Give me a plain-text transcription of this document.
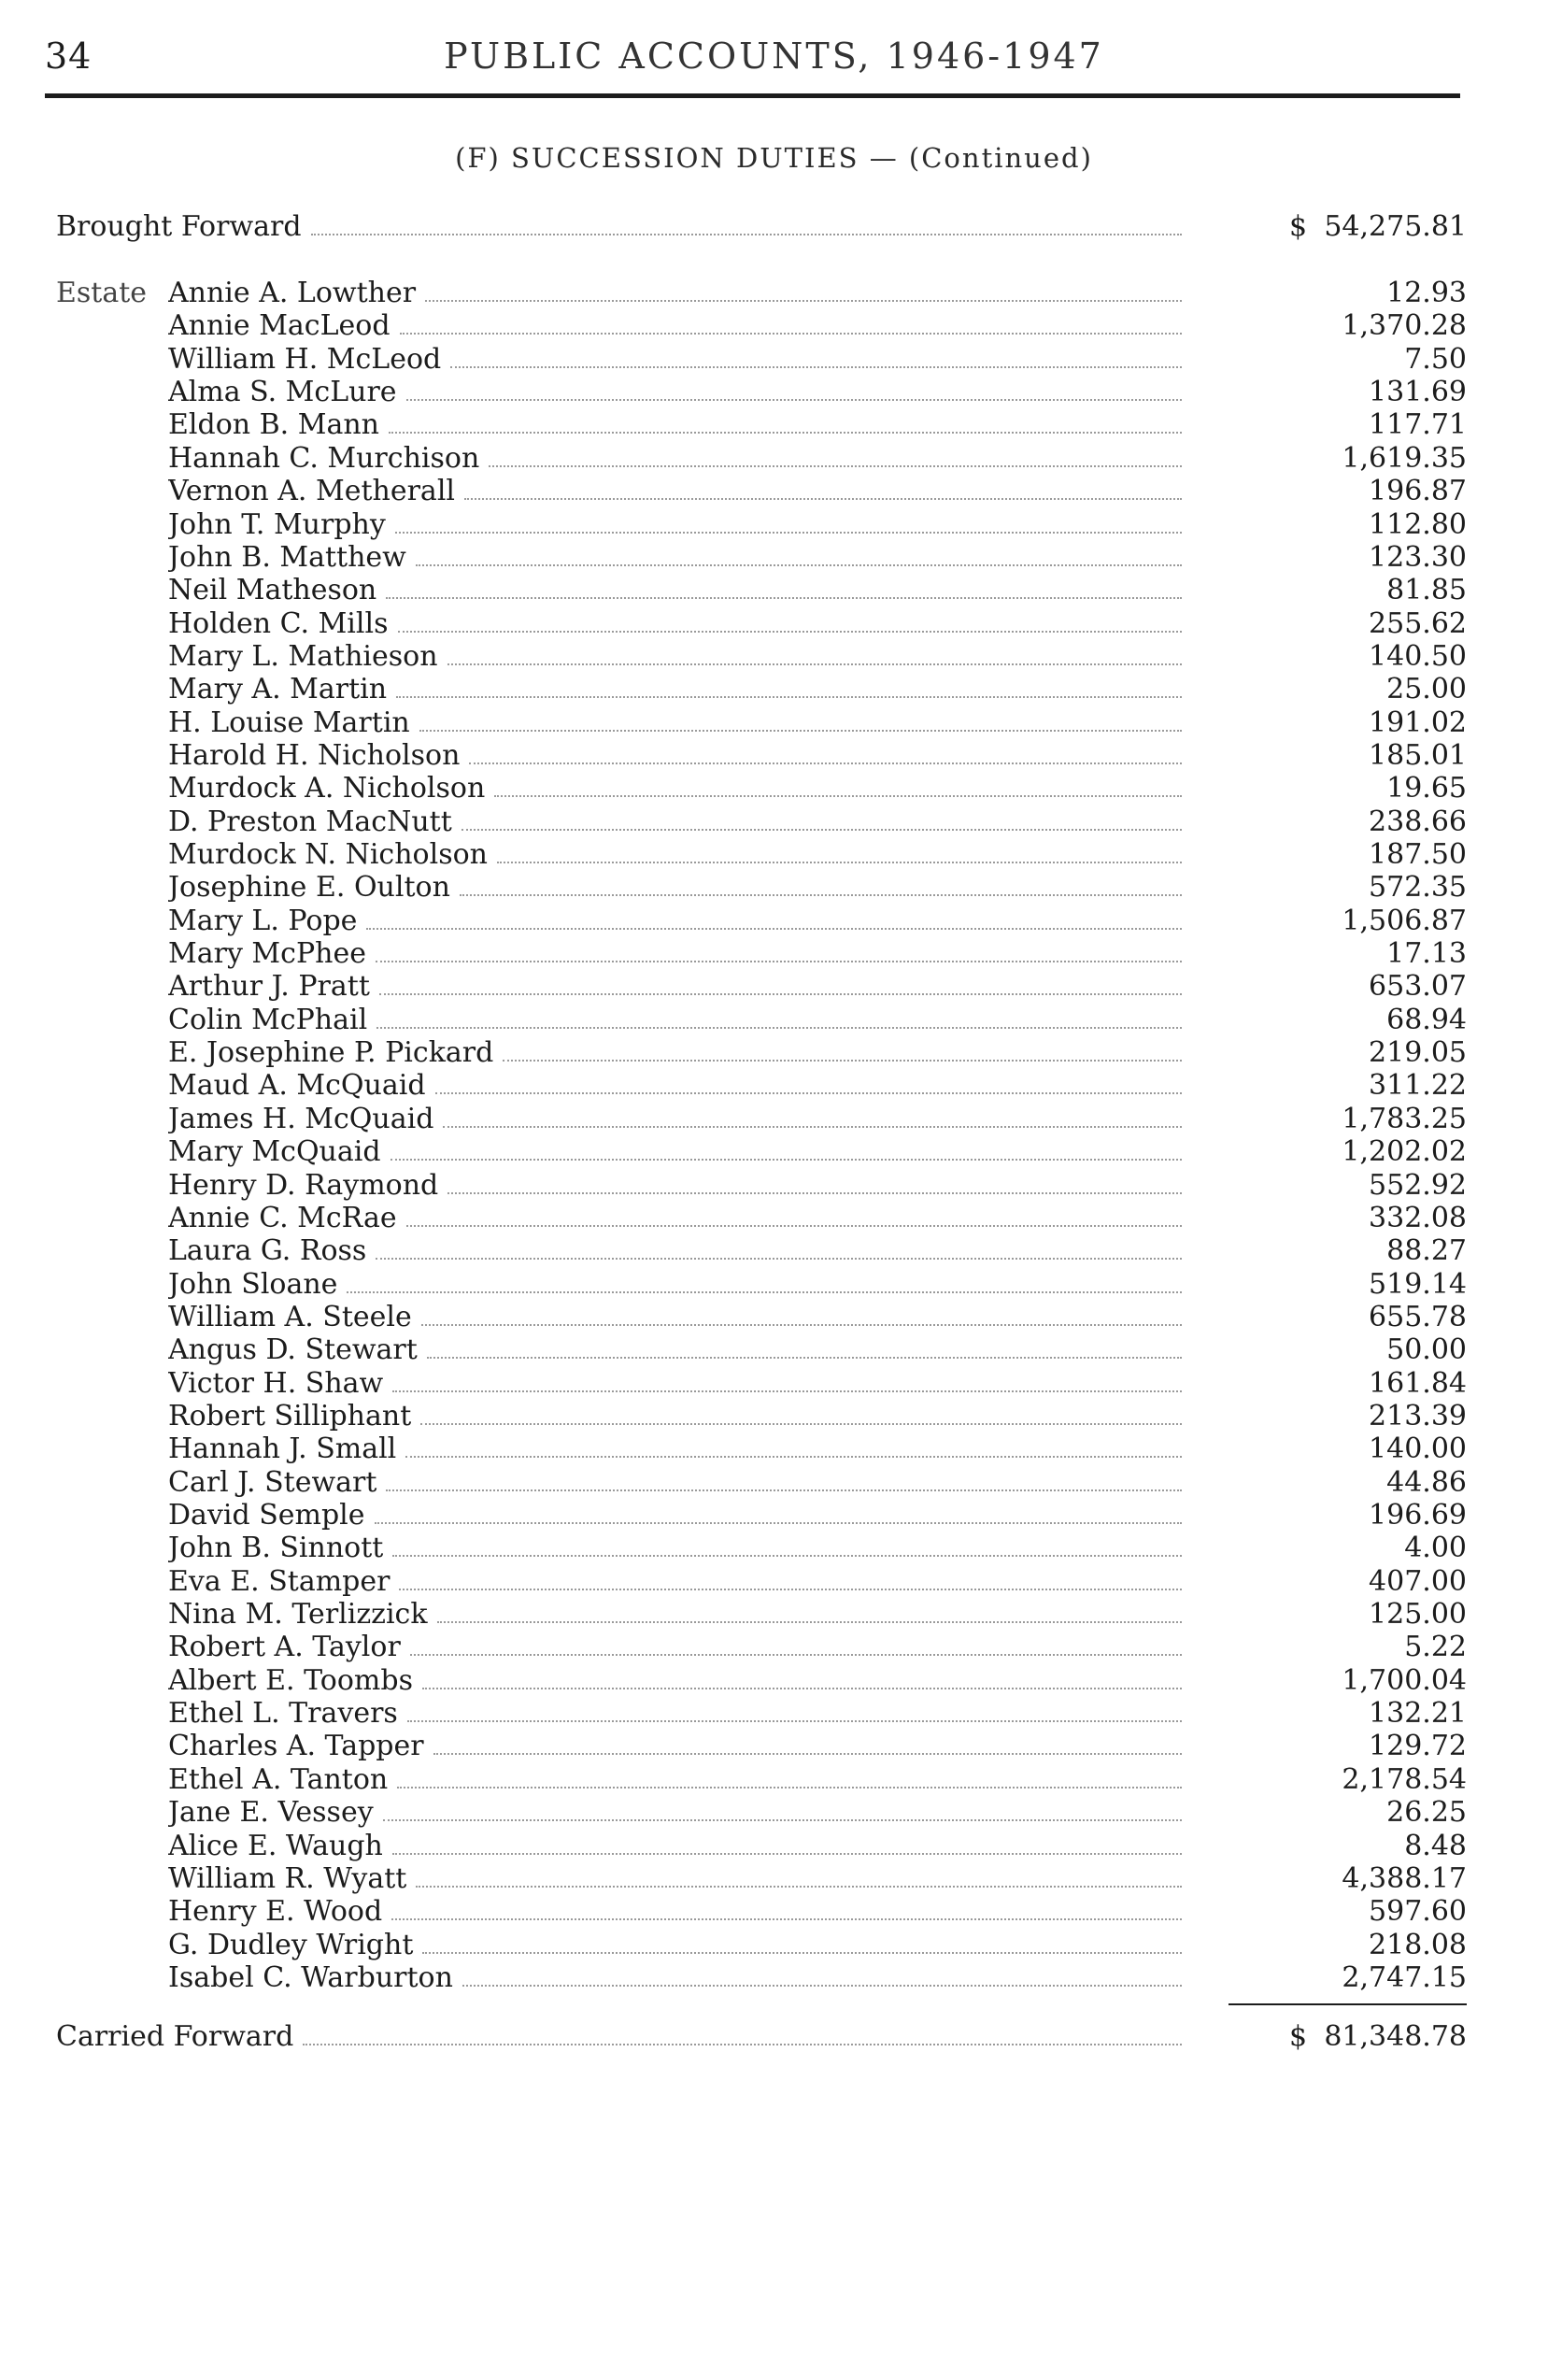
34	PUBLIC ACCOUNTS, 1946-1947
(F) SUCCESSION DUTIES — (Continued)
Brought Forward	$ 54,275.81
Estate Annie A. Lowther	12.93
Annie MacLeod	1,370.28
William H. McLeod	7.50
Alma S. McLure	131.69
Eldon B. Mann	117.71
Hannah C. Murchison	1,619.35
Vernon A. Metherall	196.87
John T. Murphy	112.80
John B. Matthew	123.30
Neil Matheson	81.85
Holden C. Mills	255.62
Mary L. Mathieson	140.50
Mary A. Martin	25.00
H. Louise Martin	191.02
Harold H. Nicholson	185.01
Murdock A. Nicholson	19.65
D. Preston MacNutt	238.66
Murdock N. Nicholson	187.50
Josephine E. Oulton	572.35
Mary L. Pope	1,506.87
Mary McPhee	17.13
Arthur J. Pratt	653.07
Colin McPhail	68.94
E. Josephine P. Pickard	219.05
Maud A. McQuaid	311.22
James H. McQuaid	1,783.25
Mary McQuaid	1,202.02
Henry D. Raymond	552.92
Annie C. McRae	332.08
Laura G. Ross	88.27
John Sloane	519.14
William A. Steele	655.78
Angus D. Stewart	50.00
Victor H. Shaw	161.84
Robert Silliphant	213.39
Hannah J. Small	140.00
Carl J. Stewart	44.86
David Semple	196.69
John B. Sinnott	4.00
Eva E. Stamper	407.00
Nina M. Terlizzick	125.00
Robert A. Taylor	5.22
Albert E. Toombs	1,700.04
Ethel L. Travers	132.21
Charles A. Tapper	129.72
Ethel A. Tanton	2,178.54
Jane E. Vessey	26.25
Alice E. Waugh	8.48
William R. Wyatt	4,388.17
Henry E. Wood	597.60
G. Dudley Wright	218.08
Isabel C. Warburton	2,747.15
Carried Forward	$ 81,348.78
